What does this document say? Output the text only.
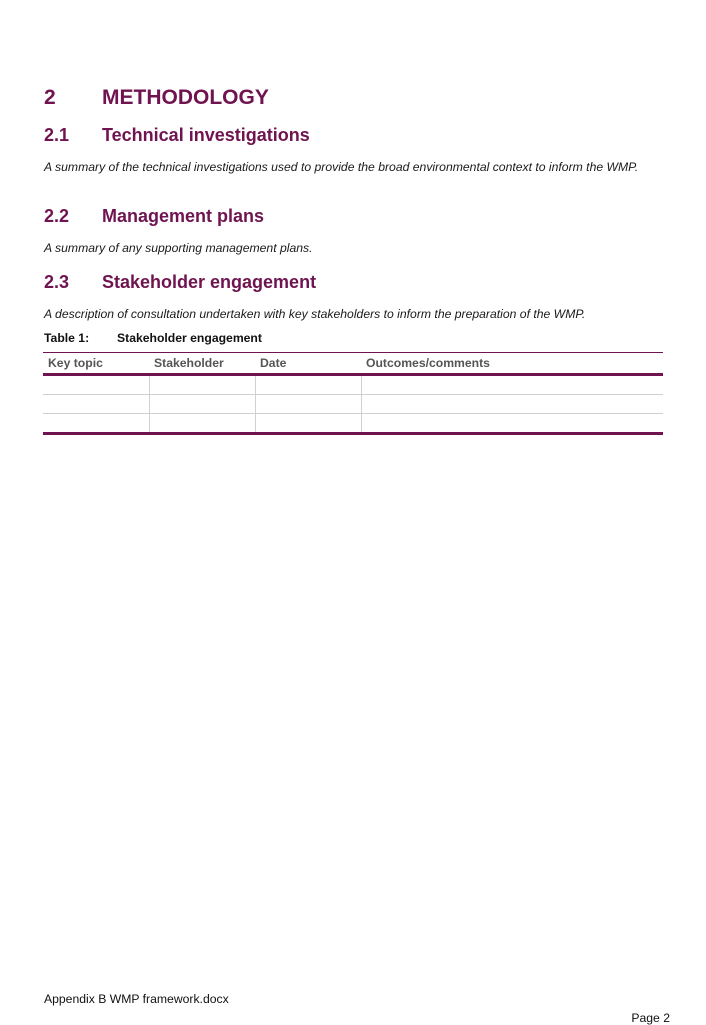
2	METHODOLOGY
2.1	Technical investigations

A summary of the technical investigations used to provide the broad environmental context to inform the WMP.

2.2	Management plans

A summary of any supporting management plans.

2.3	Stakeholder engagement

A description of consultation undertaken with key stakeholders to inform the preparation of the WMP.

Table 1:	Stakeholder engagement

Key topic	Stakeholder	Date	Outcomes/comments

Appendix B WMP framework.docx

Page 2
